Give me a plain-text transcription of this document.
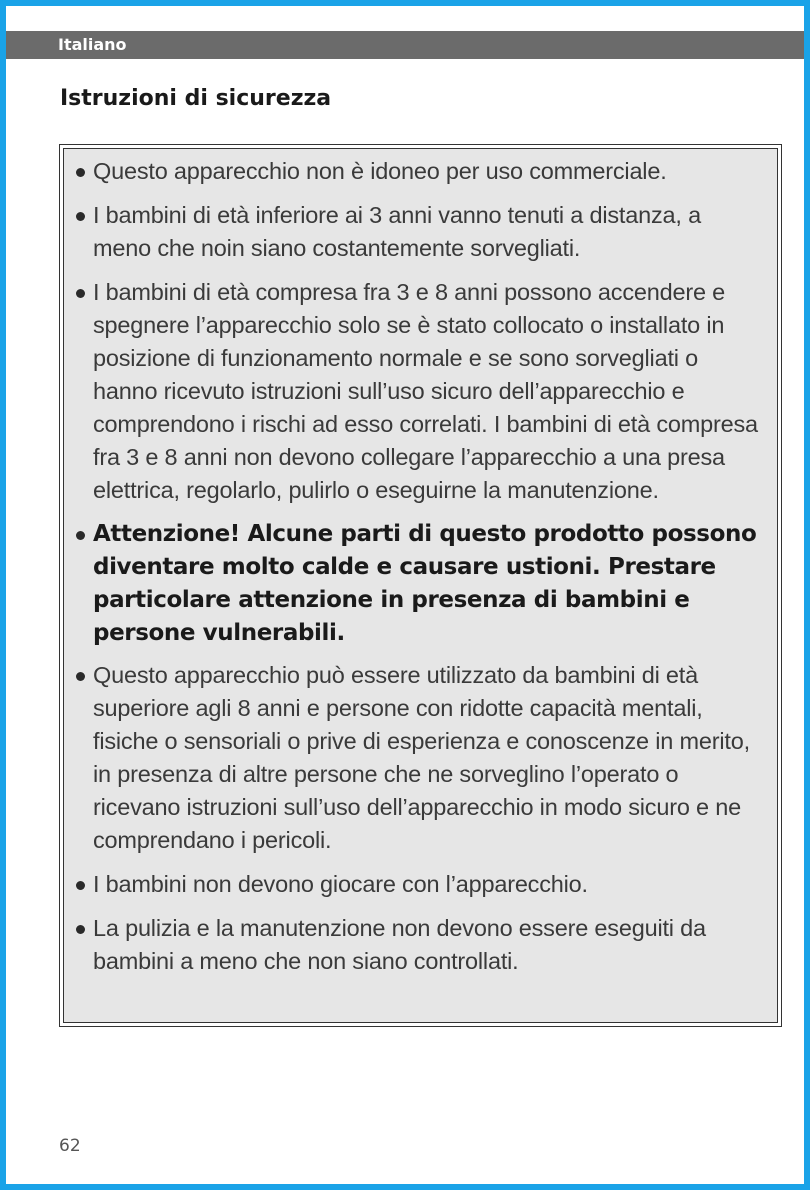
Italiano
Istruzioni di sicurezza
Questo apparecchio non è idoneo per uso commerciale.
I bambini di età inferiore ai 3 anni vanno tenuti a distanza, a meno che noin siano costantemente sorvegliati.
I bambini di età compresa fra 3 e 8 anni possono accendere e spegnere l’apparecchio solo se è stato collocato o installato in posizione di funzionamento normale e se sono sorvegliati o hanno ricevuto istruzioni sull’uso sicuro dell’apparecchio e comprendono i rischi ad esso correlati. I bambini di età compresa fra 3 e 8 anni non devono collegare l’apparecchio a una presa elettrica, regolarlo, pulirlo o eseguirne la manutenzione.
Attenzione! Alcune parti di questo prodotto possono diventare molto calde e causare ustioni. Prestare particolare attenzione in presenza di bambini e persone vulnerabili.
Questo apparecchio può essere utilizzato da bambini di età superiore agli 8 anni e persone con ridotte capacità mentali, fisiche o sensoriali o prive di esperienza e conoscenze in merito, in presenza di altre persone che ne sorveglino l’operato o ricevano istruzioni sull’uso dell’apparecchio in modo sicuro e ne comprendano i pericoli.
I bambini non devono giocare con l’apparecchio.
La pulizia e la manutenzione non devono essere eseguiti da bambini a meno che non siano controllati.
62
